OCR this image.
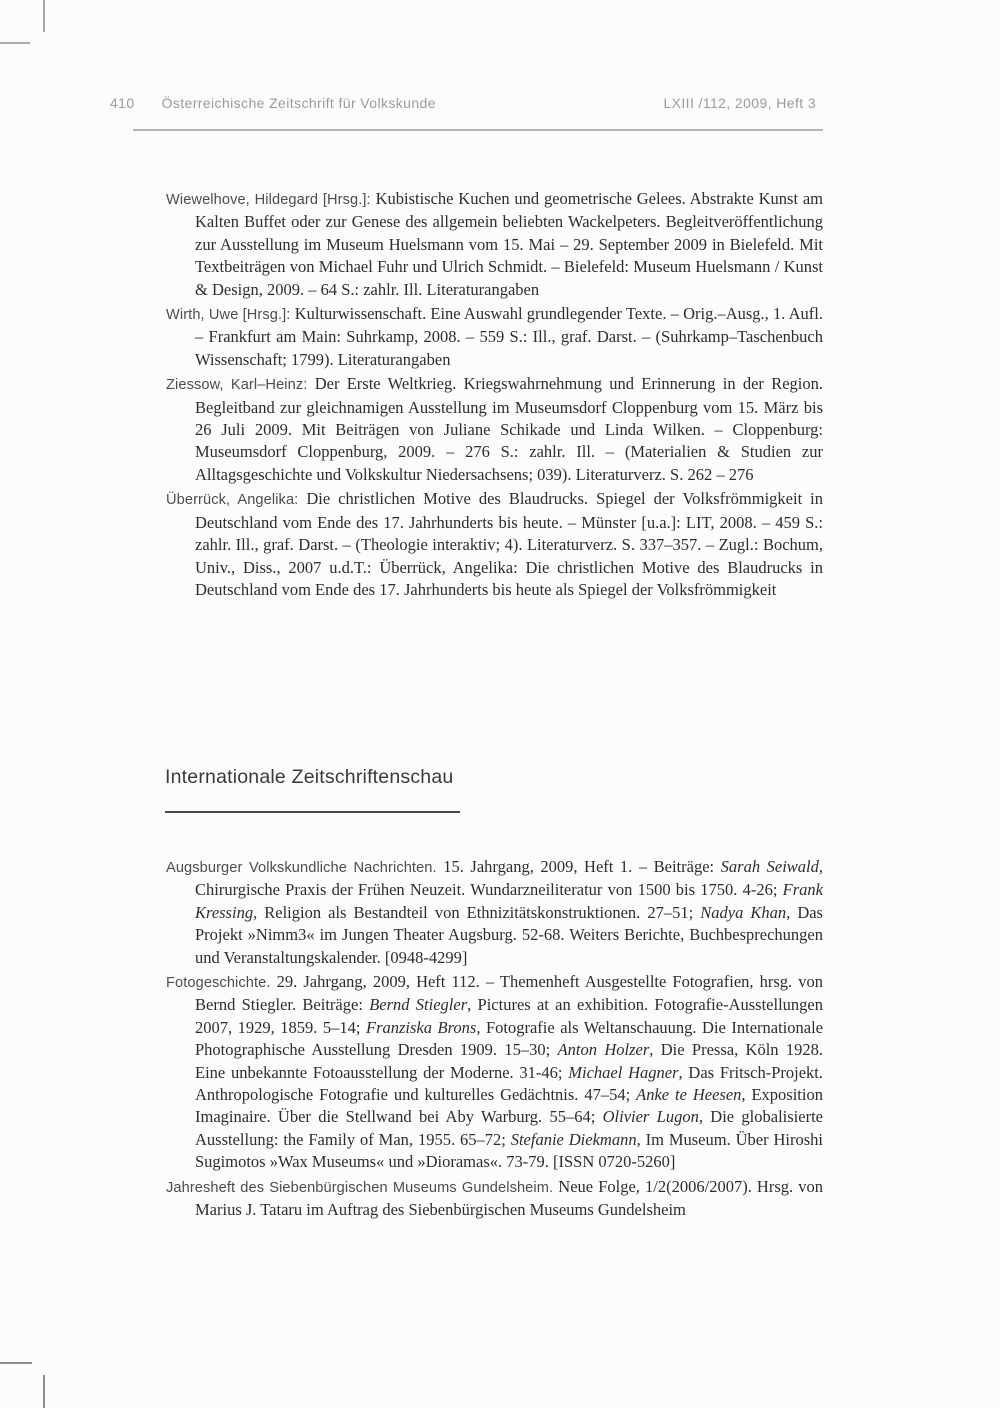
410 Österreichische Zeitschrift für Volkskunde	LXIII /112, 2009, Heft 3

Wiewelhove, Hildegard [Hrsg.]: Kubistische Kuchen und geometrische Gelees. Abstrakte Kunst am Kalten Buffet oder zur Genese des allgemein beliebten Wackelpeters. Begleitveröffentlichung zur Ausstellung im Museum Huelsmann vom 15. Mai – 29. September 2009 in Bielefeld. Mit Textbeiträgen von Michael Fuhr und Ulrich Schmidt. – Bielefeld: Museum Huelsmann / Kunst & Design, 2009. – 64 S.: zahlr. Ill. Literaturangaben

Wirth, Uwe [Hrsg.]: Kulturwissenschaft. Eine Auswahl grundlegender Texte. – Orig.–Ausg., 1. Aufl. – Frankfurt am Main: Suhrkamp, 2008. – 559 S.: Ill., graf. Darst. – (Suhrkamp–Taschenbuch Wissenschaft; 1799). Literaturangaben

Ziessow, Karl–Heinz: Der Erste Weltkrieg. Kriegswahrnehmung und Erinnerung in der Region. Begleitband zur gleichnamigen Ausstellung im Museumsdorf Cloppenburg vom 15. März bis 26 Juli 2009. Mit Beiträgen von Juliane Schikade und Linda Wilken. – Cloppenburg: Museumsdorf Cloppenburg, 2009. – 276 S.: zahlr. Ill. – (Materialien & Studien zur Alltagsgeschichte und Volkskultur Niedersachsens; 039). Literaturverz. S. 262 – 276

Überrück, Angelika: Die christlichen Motive des Blaudrucks. Spiegel der Volksfrömmigkeit in Deutschland vom Ende des 17. Jahrhunderts bis heute. – Münster [u.a.]: LIT, 2008. – 459 S.: zahlr. Ill., graf. Darst. – (Theologie interaktiv; 4). Literaturverz. S. 337–357. – Zugl.: Bochum, Univ., Diss., 2007 u.d.T.: Überrück, Angelika: Die christlichen Motive des Blaudrucks in Deutschland vom Ende des 17. Jahrhunderts bis heute als Spiegel der Volksfrömmigkeit

Internationale Zeitschriftenschau

Augsburger Volkskundliche Nachrichten. 15. Jahrgang, 2009, Heft 1. – Beiträge: Sarah Seiwald, Chirurgische Praxis der Frühen Neuzeit. Wundarzneiliteratur von 1500 bis 1750. 4-26; Frank Kressing, Religion als Bestandteil von Ethnizitätskonstruktionen. 27–51; Nadya Khan, Das Projekt »Nimm3« im Jungen Theater Augsburg. 52-68. Weiters Berichte, Buchbesprechungen und Veranstaltungskalender. [0948-4299]

Fotogeschichte. 29. Jahrgang, 2009, Heft 112. – Themenheft Ausgestellte Fotografien, hrsg. von Bernd Stiegler. Beiträge: Bernd Stiegler, Pictures at an exhibition. Fotografie-Ausstellungen 2007, 1929, 1859. 5–14; Franziska Brons, Fotografie als Weltanschauung. Die Internationale Photographische Ausstellung Dresden 1909. 15–30; Anton Holzer, Die Pressa, Köln 1928. Eine unbekannte Fotoausstellung der Moderne. 31-46; Michael Hagner, Das Fritsch-Projekt. Anthropologische Fotografie und kulturelles Gedächtnis. 47–54; Anke te Heesen, Exposition Imaginaire. Über die Stellwand bei Aby Warburg. 55–64; Olivier Lugon, Die globalisierte Ausstellung: the Family of Man, 1955. 65–72; Stefanie Diekmann, Im Museum. Über Hiroshi Sugimotos »Wax Museums« und »Dioramas«. 73-79. [ISSN 0720-5260]

Jahresheft des Siebenbürgischen Museums Gundelsheim. Neue Folge, 1/2(2006/2007). Hrsg. von Marius J. Tataru im Auftrag des Siebenbürgischen Museums Gundelsheim
